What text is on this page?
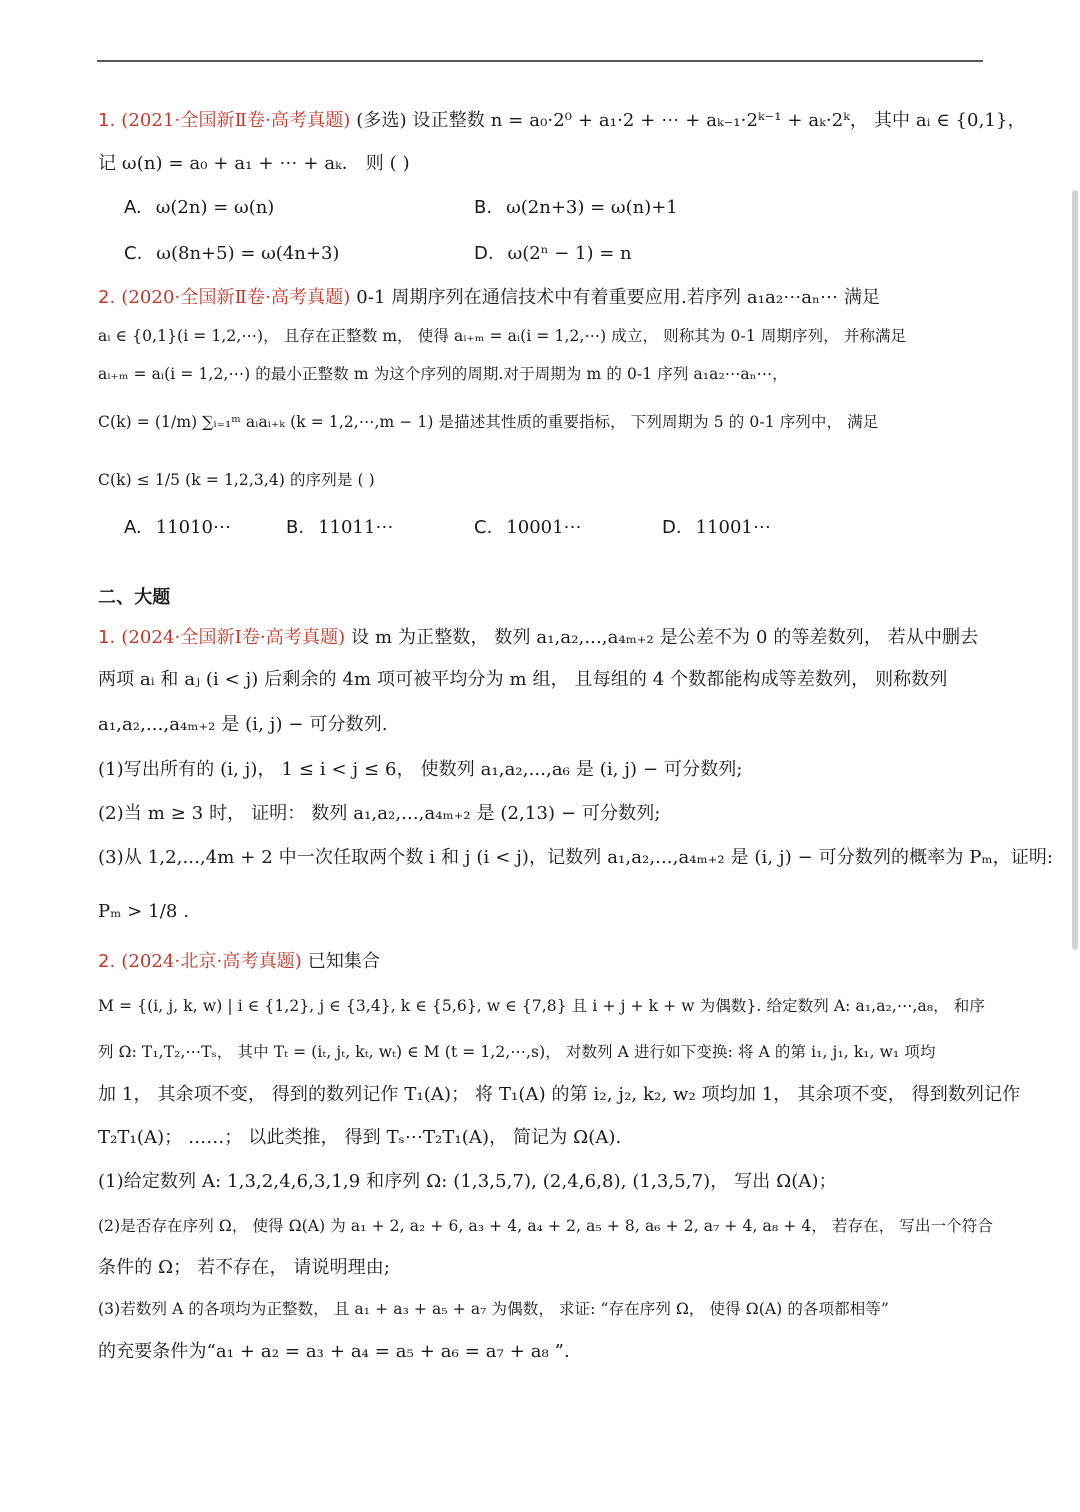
1. (2021·全国新Ⅱ卷·高考真题) (多选) 设正整数 n = a₀·2⁰ + a₁·2 + ⋯ + aₖ₋₁·2ᵏ⁻¹ + aₖ·2ᵏ， 其中 aᵢ ∈ {0,1}，
记 ω(n) = a₀ + a₁ + ⋯ + aₖ． 则 ( )
A. ω(2n) = ω(n)	B. ω(2n+3) = ω(n)+1
C. ω(8n+5) = ω(4n+3)	D. ω(2ⁿ − 1) = n
2. (2020·全国新Ⅱ卷·高考真题) 0-1 周期序列在通信技术中有着重要应用.若序列 a₁a₂⋯aₙ⋯ 满足
aᵢ ∈ {0,1}(i = 1,2,⋯)， 且存在正整数 m， 使得 aᵢ₊ₘ = aᵢ(i = 1,2,⋯) 成立， 则称其为 0-1 周期序列， 并称满足
aᵢ₊ₘ = aᵢ(i = 1,2,⋯) 的最小正整数 m 为这个序列的周期.对于周期为 m 的 0-1 序列 a₁a₂⋯aₙ⋯，
C(k) = (1/m) ∑ᵢ₌₁ᵐ aᵢaᵢ₊ₖ (k = 1,2,⋯,m − 1) 是描述其性质的重要指标， 下列周期为 5 的 0-1 序列中， 满足
C(k) ≤ 1/5 (k = 1,2,3,4) 的序列是 ( )
A. 11010⋯	B. 11011⋯	C. 10001⋯	D. 11001⋯
二、大题
1. (2024·全国新Ⅰ卷·高考真题) 设 m 为正整数， 数列 a₁,a₂,...,a₄ₘ₊₂ 是公差不为 0 的等差数列， 若从中删去
两项 aᵢ 和 aⱼ (i < j) 后剩余的 4m 项可被平均分为 m 组， 且每组的 4 个数都能构成等差数列， 则称数列
a₁,a₂,...,a₄ₘ₊₂ 是 (i, j) − 可分数列.
(1)写出所有的 (i, j)， 1 ≤ i < j ≤ 6， 使数列 a₁,a₂,...,a₆ 是 (i, j) − 可分数列;
(2)当 m ≥ 3 时， 证明： 数列 a₁,a₂,...,a₄ₘ₊₂ 是 (2,13) − 可分数列;
(3)从 1,2,...,4m + 2 中一次任取两个数 i 和 j (i < j)，记数列 a₁,a₂,...,a₄ₘ₊₂ 是 (i, j) − 可分数列的概率为 Pₘ，证明:
Pₘ > 1/8 .
2. (2024·北京·高考真题) 已知集合
M = {(i, j, k, w) | i ∈ {1,2}, j ∈ {3,4}, k ∈ {5,6}, w ∈ {7,8} 且 i + j + k + w 为偶数}. 给定数列 A: a₁,a₂,⋯,a₈， 和序
列 Ω: T₁,T₂,⋯Tₛ， 其中 Tₜ = (iₜ, jₜ, kₜ, wₜ) ∈ M (t = 1,2,⋯,s)， 对数列 A 进行如下变换: 将 A 的第 i₁, j₁, k₁, w₁ 项均
加 1， 其余项不变， 得到的数列记作 T₁(A)； 将 T₁(A) 的第 i₂, j₂, k₂, w₂ 项均加 1， 其余项不变， 得到数列记作
T₂T₁(A)； ……； 以此类推， 得到 Tₛ⋯T₂T₁(A)， 简记为 Ω(A).
(1)给定数列 A: 1,3,2,4,6,3,1,9 和序列 Ω: (1,3,5,7), (2,4,6,8), (1,3,5,7)， 写出 Ω(A)；
(2)是否存在序列 Ω， 使得 Ω(A) 为 a₁ + 2, a₂ + 6, a₃ + 4, a₄ + 2, a₅ + 8, a₆ + 2, a₇ + 4, a₈ + 4， 若存在， 写出一个符合
条件的 Ω； 若不存在， 请说明理由;
(3)若数列 A 的各项均为正整数， 且 a₁ + a₃ + a₅ + a₇ 为偶数， 求证: “存在序列 Ω， 使得 Ω(A) 的各项都相等”
的充要条件为“a₁ + a₂ = a₃ + a₄ = a₅ + a₆ = a₇ + a₈ ”.
